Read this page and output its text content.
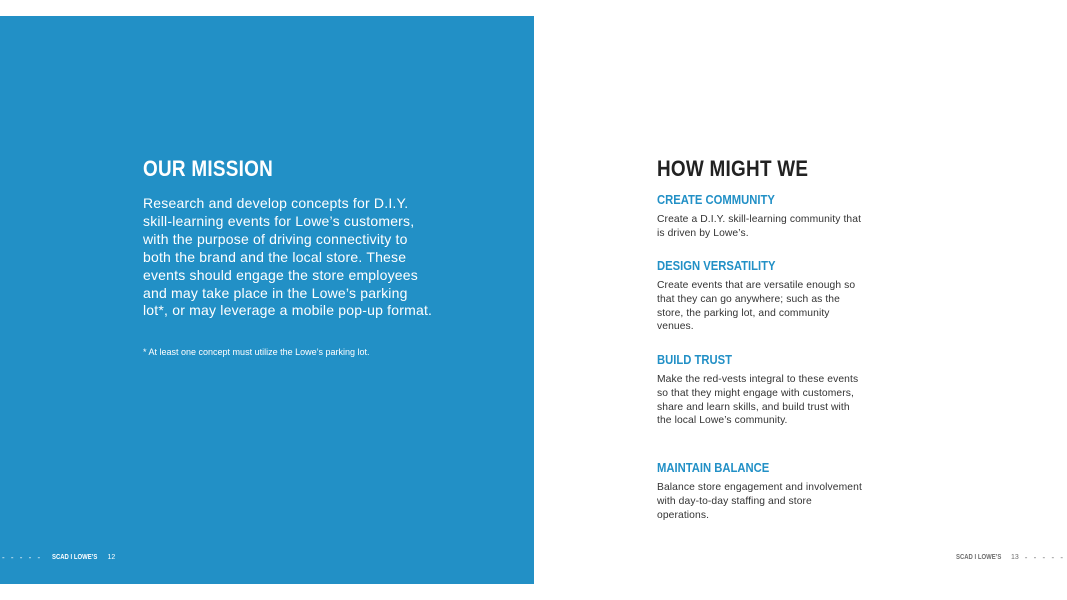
OUR MISSION

Research and develop concepts for D.I.Y. skill-learning events for Lowe’s customers, with the purpose of driving connectivity to both the brand and the local store. These events should engage the store employees and may take place in the Lowe’s parking lot*, or may leverage a mobile pop-up format.

* At least one concept must utilize the Lowe’s parking lot.

- - - - - SCAD I LOWE’S 12
HOW MIGHT WE
CREATE COMMUNITY

Create a D.I.Y. skill-learning community that is driven by Lowe’s.

DESIGN VERSATILITY

Create events that are versatile enough so that they can go anywhere; such as the store, the parking lot, and community venues.

BUILD TRUST

Make the red-vests integral to these events so that they might engage with customers, share and learn skills, and build trust with the local Lowe’s community.

MAINTAIN BALANCE

Balance store engagement and involvement with day-to-day staffing and store operations.

SCAD I LOWE’S 13 - - - - -
